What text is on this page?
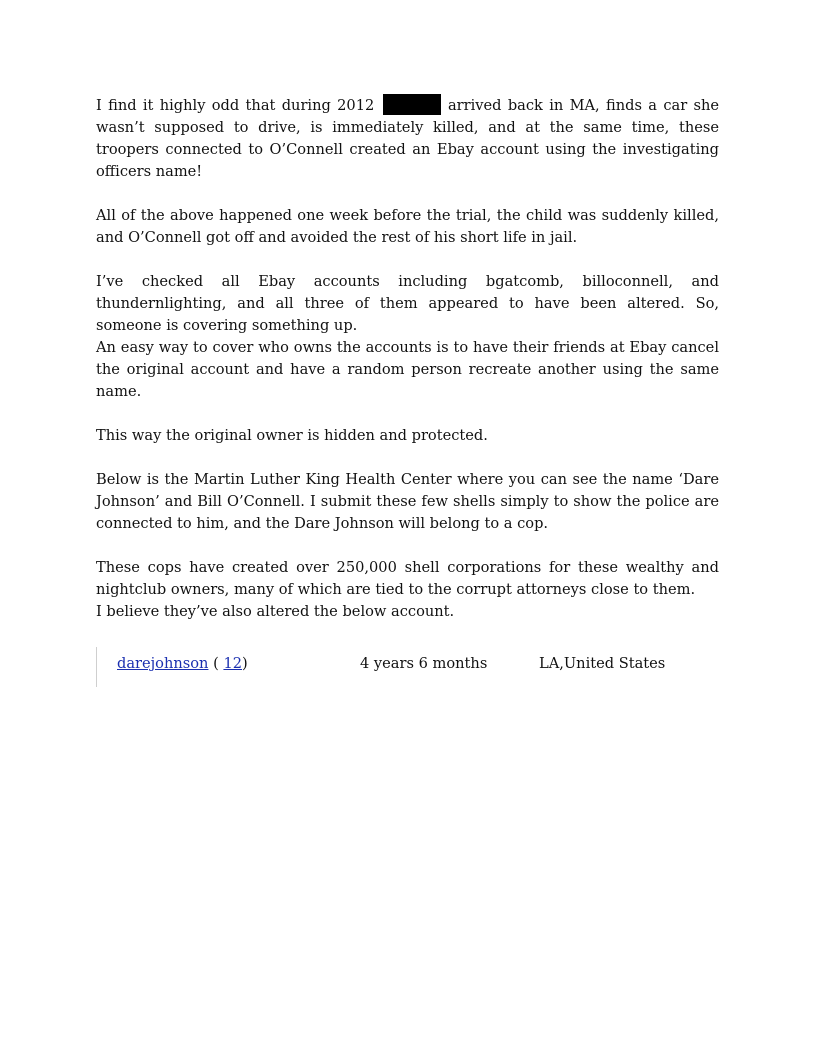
I find it highly odd that during 2012	arrived back in MA, finds a car she wasn’t supposed to drive, is immediately killed, and at the same time, these troopers connected to O’Connell created an Ebay account using the investigating officers name!

All of the above happened one week before the trial, the child was suddenly killed, and O’Connell got off and avoided the rest of his short life in jail.

I’ve checked all Ebay accounts including bgatcomb, billoconnell, and thundernlighting, and all three of them appeared to have been altered. So, someone is covering something up.

An easy way to cover who owns the accounts is to have their friends at Ebay cancel the original account and have a random person recreate another using the same name.

This way the original owner is hidden and protected.

Below is the Martin Luther King Health Center where you can see the name ‘Dare Johnson’ and Bill O’Connell. I submit these few shells simply to show the police are connected to him, and the Dare Johnson will belong to a cop.

These cops have created over 250,000 shell corporations for these wealthy and nightclub owners, many of which are tied to the corrupt attorneys close to them.

I believe they’ve also altered the below account.

darejohnson ( 12)	4 years 6 months	LA,United States
